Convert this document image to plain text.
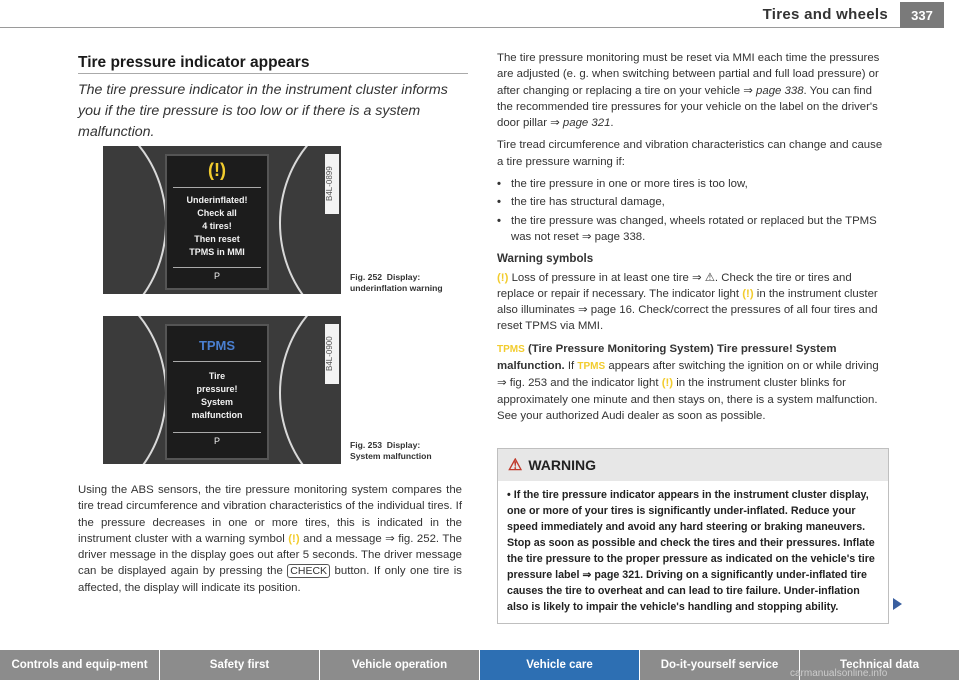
Tires and wheels	337
Tire pressure indicator appears
The tire pressure indicator in the instrument cluster informs you if the tire pressure is too low or if there is a system malfunction.
(!)
Underinflated!
Check all
4 tires!
Then reset
TPMS in MMI
P
B4L-0899
Fig. 252 Display:
underinflation warning
TPMS
Tire
pressure!
System
malfunction
P
B4L-0900
Fig. 253 Display:
System malfunction
Using the ABS sensors, the tire pressure monitoring system compares the tire tread circumference and vibration characteristics of the individual tires. If the pressure decreases in one or more tires, this is indicated in the instrument cluster with a warning symbol (!) and a message ⇒ fig. 252. The driver message in the display goes out after 5 seconds. The driver message can be displayed again by pressing the CHECK button. If only one tire is affected, the display will indicate its position.

The tire pressure monitoring must be reset via MMI each time the pressures are adjusted (e. g. when switching between partial and full load pressure) or after changing or replacing a tire on your vehicle ⇒ page 338. You can find the recommended tire pressures for your vehicle on the label on the driver's door pillar ⇒ page 321.

Tire tread circumference and vibration characteristics can change and cause a tire pressure warning if:

• the tire pressure in one or more tires is too low,
• the tire has structural damage,
• the tire pressure was changed, wheels rotated or replaced but the TPMS was not reset ⇒ page 338.
Warning symbols

(!) Loss of pressure in at least one tire ⇒ ⚠. Check the tire or tires and replace or repair if necessary. The indicator light (!) in the instrument cluster also illuminates ⇒ page 16. Check/correct the pressures of all four tires and reset TPMS via MMI.

TPMS (Tire Pressure Monitoring System) Tire pressure! System malfunction. If TPMS appears after switching the ignition on or while driving ⇒ fig. 253 and the indicator light (!) in the instrument cluster blinks for approximately one minute and then stays on, there is a system malfunction. See your authorized Audi dealer as soon as possible.

⚠ WARNING
• If the tire pressure indicator appears in the instrument cluster display, one or more of your tires is significantly under-inflated. Reduce your speed immediately and avoid any hard steering or braking maneuvers. Stop as soon as possible and check the tires and their pressures. Inflate the tire pressure to the proper pressure as indicated on the vehicle's tire pressure label ⇒ page 321. Driving on a significantly under-inflated tire causes the tire to overheat and can lead to tire failure. Under-inflation also is likely to impair the vehicle's handling and stopping ability.
Controls and equip-ment	Safety first	Vehicle operation	Vehicle care	Do-it-yourself service	Technical data
carmanualsonline.info
